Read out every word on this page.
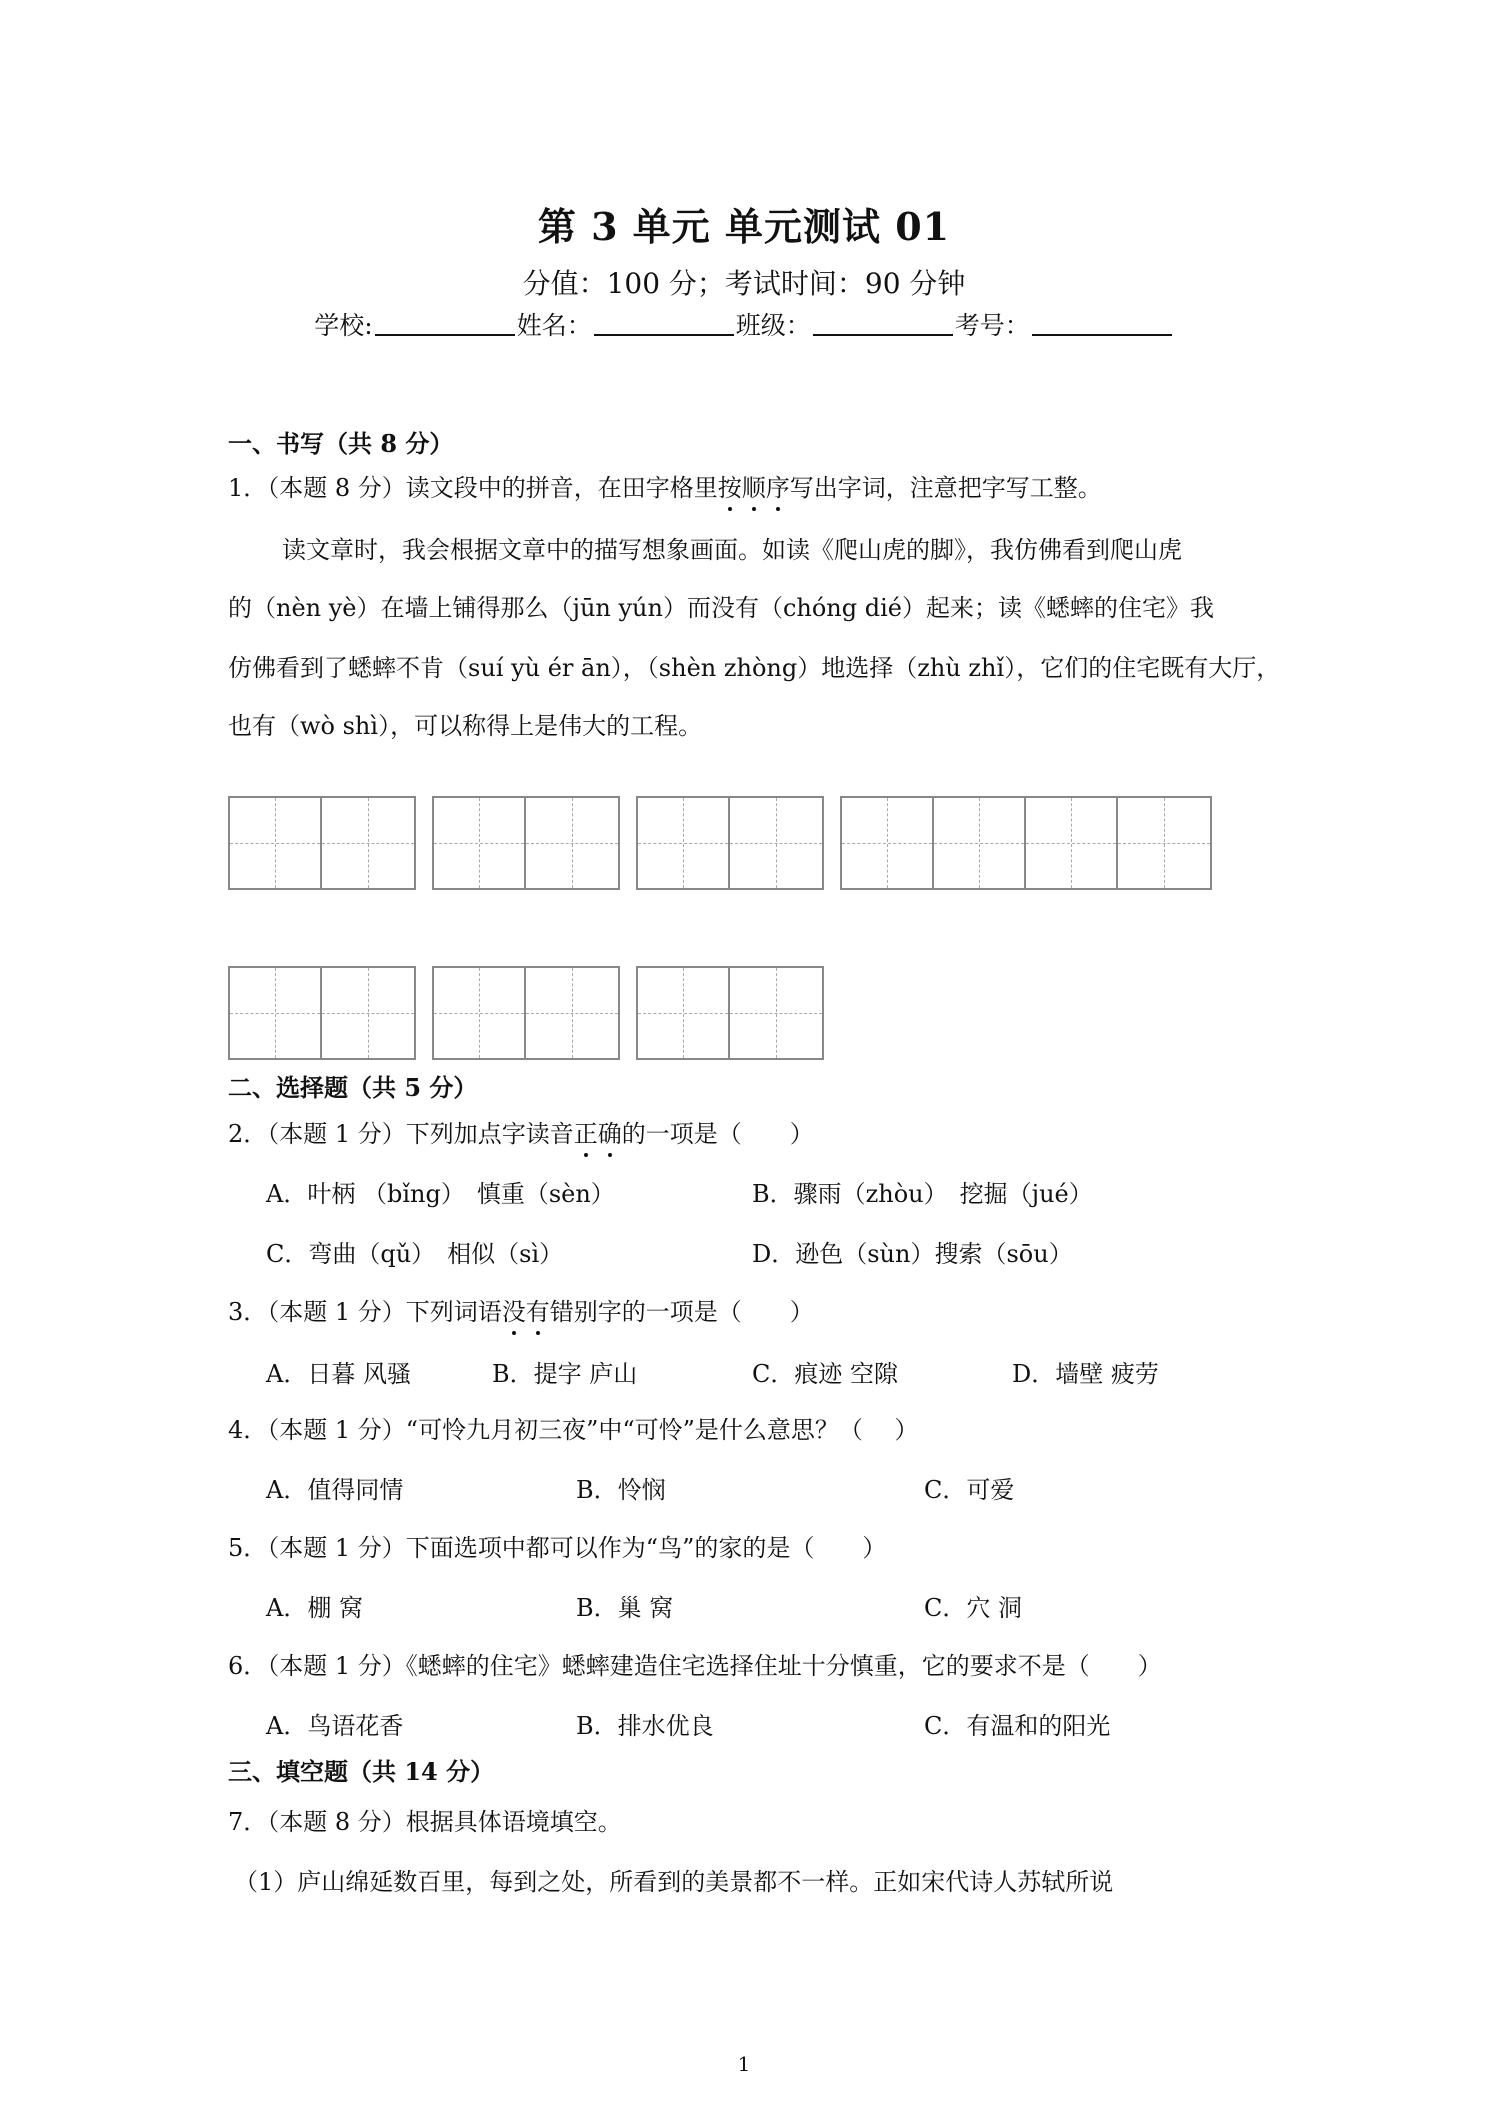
第 3 单元 单元测试 01
分值：100 分；考试时间：90 分钟
学校:	姓名：	班级：	考号：
一、书写（共 8 分）
1．（本题 8 分）读文段中的拼音，在田字格里按顺序写出字词，注意把字写工整。
读文章时，我会根据文章中的描写想象画面。如读《爬山虎的脚》，我仿佛看到爬山虎
的（nèn yè）在墙上铺得那么（jūn yún）而没有（chóng dié）起来；读《蟋蟀的住宅》我
仿佛看到了蟋蟀不肯（suí yù ér ān），（shèn zhòng）地选择（zhù zhǐ），它们的住宅既有大厅，
也有（wò shì），可以称得上是伟大的工程。
二、选择题（共 5 分）
2．（本题 1 分）下列加点字读音正确的一项是（　　）
A．叶柄 （bǐng）　慎重（sèn）	B．骤雨（zhòu）　挖掘（jué）
C．弯曲（qǔ）　相似（sì）	D．逊色（sùn）搜索（sōu）
3．（本题 1 分）下列词语没有错别字的一项是（　　）
A．日暮 风骚	B．提字 庐山	C．痕迹 空隙	D．墙壁 疲劳
4．（本题 1 分）“可怜九月初三夜”中“可怜”是什么意思？（　 ）
A．值得同情	B．怜悯	C．可爱
5．（本题 1 分）下面选项中都可以作为“鸟”的家的是（　　）
A．棚 窝	B．巢 窝	C．穴 洞
6．（本题 1 分）《蟋蟀的住宅》蟋蟀建造住宅选择住址十分慎重，它的要求不是（　　）
A．鸟语花香	B．排水优良	C．有温和的阳光
三、填空题（共 14 分）
7．（本题 8 分）根据具体语境填空。
（1）庐山绵延数百里，每到之处，所看到的美景都不一样。正如宋代诗人苏轼所说
1
